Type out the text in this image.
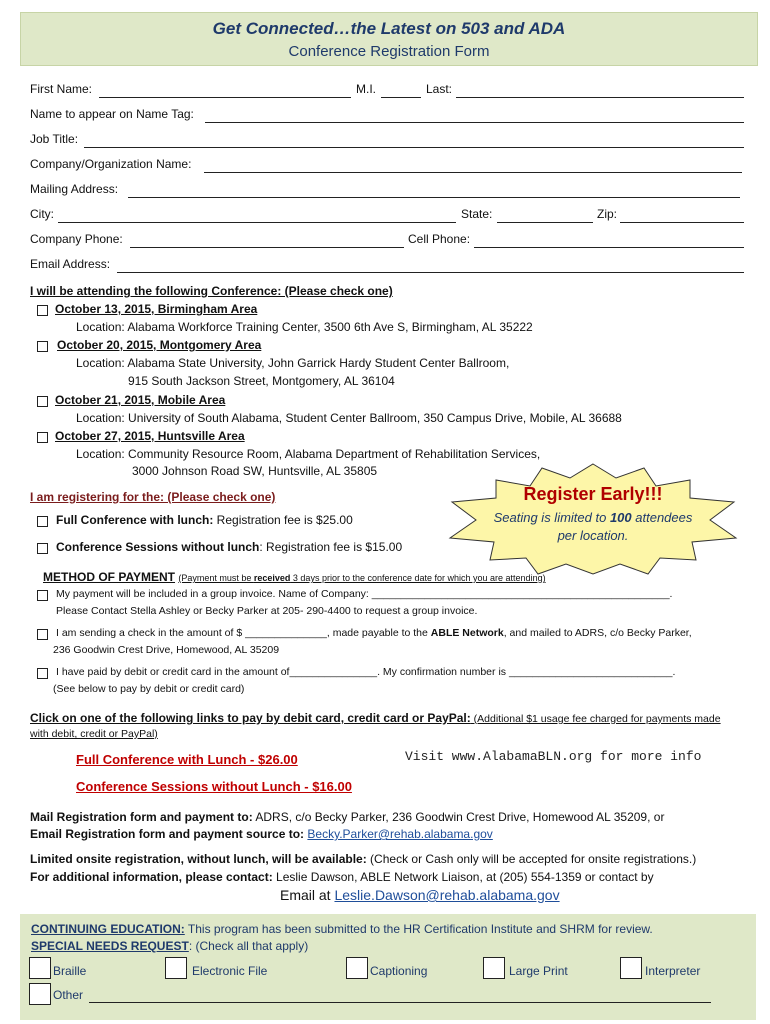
Get Connected…the Latest on 503 and ADA
Conference Registration Form
First Name:	M.I.	Last:
Name to appear on Name Tag:
Job Title:
Company/Organization Name:
Mailing Address:
City:	State:	Zip:
Company Phone:	Cell Phone:
Email Address:
I will be attending the following Conference: (Please check one)
October 13, 2015, Birmingham Area
Location: Alabama Workforce Training Center, 3500 6th Ave S, Birmingham, AL 35222
October 20, 2015, Montgomery Area
Location: Alabama State University, John Garrick Hardy Student Center Ballroom,
915 South Jackson Street, Montgomery, AL 36104
October 21, 2015, Mobile Area
Location: University of South Alabama, Student Center Ballroom, 350 Campus Drive, Mobile, AL 36688
October 27, 2015, Huntsville Area
Location: Community Resource Room, Alabama Department of Rehabilitation Services,
3000 Johnson Road SW, Huntsville, AL 35805
I am registering for the: (Please check one)
Full Conference with lunch: Registration fee is $25.00
Conference Sessions without lunch: Registration fee is $15.00
Register Early!!!
Seating is limited to 100 attendees
per location.
METHOD OF PAYMENT (Payment must be received 3 days prior to the conference date for which you are attending)
My payment will be included in a group invoice. Name of Company: ___________________________________________________.
Please Contact Stella Ashley or Becky Parker at 205- 290-4400 to request a group invoice.
I am sending a check in the amount of $ ______________, made payable to the ABLE Network, and mailed to ADRS, c/o Becky Parker,
236 Goodwin Crest Drive, Homewood, AL 35209
I have paid by debit or credit card in the amount of_______________. My confirmation number is ____________________________.
(See below to pay by debit or credit card)
Click on one of the following links to pay by debit card, credit card or PayPal: (Additional $1 usage fee charged for payments made
with debit, credit or PayPal)
Full Conference with Lunch - $26.00	Visit www.AlabamaBLN.org for more info
Conference Sessions without Lunch - $16.00
Mail Registration form and payment to: ADRS, c/o Becky Parker, 236 Goodwin Crest Drive, Homewood AL 35209, or
Email Registration form and payment source to: Becky.Parker@rehab.alabama.gov
Limited onsite registration, without lunch, will be available: (Check or Cash only will be accepted for onsite registrations.)
For additional information, please contact: Leslie Dawson, ABLE Network Liaison, at (205) 554-1359 or contact by
Email at Leslie.Dawson@rehab.alabama.gov
CONTINUING EDUCATION: This program has been submitted to the HR Certification Institute and SHRM for review.
SPECIAL NEEDS REQUEST: (Check all that apply)
Braille	Electronic File	Captioning	Large Print	Interpreter
Other
